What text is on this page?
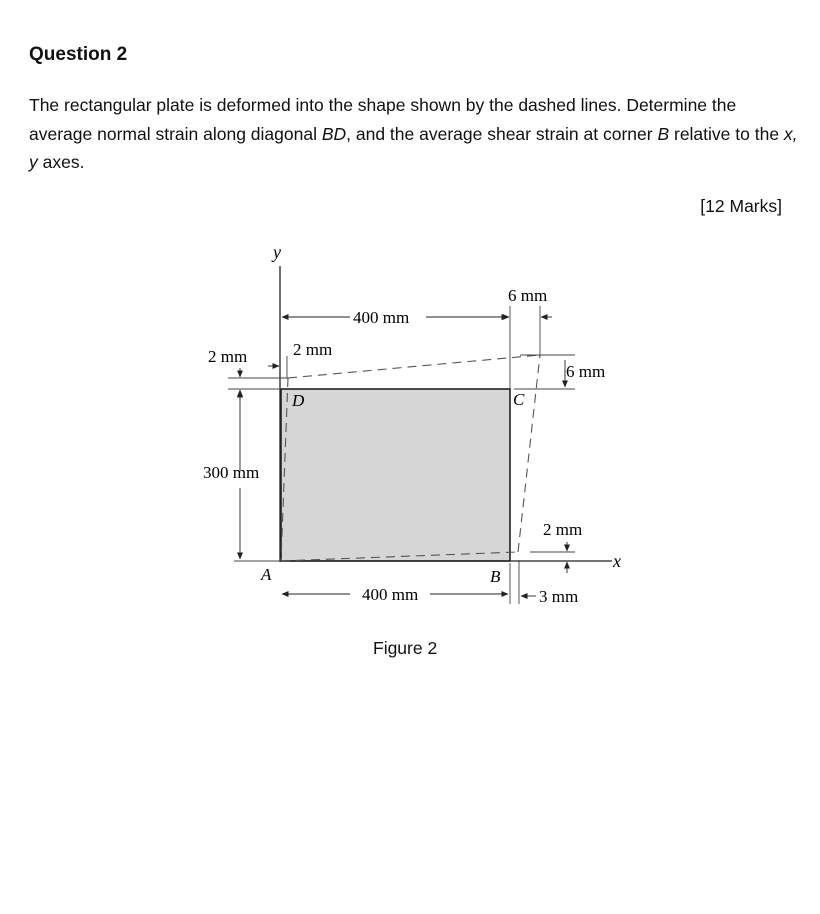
Question 2
The rectangular plate is deformed into the shape shown by the dashed lines. Determine the average normal strain along diagonal BD, and the average shear strain at corner B relative to the x, y axes.
[12 Marks]
y
x
A	B
C
D
400 mm
400 mm
300 mm
2 mm	2 mm
6 mm
6 mm
2 mm
3 mm
Figure 2
